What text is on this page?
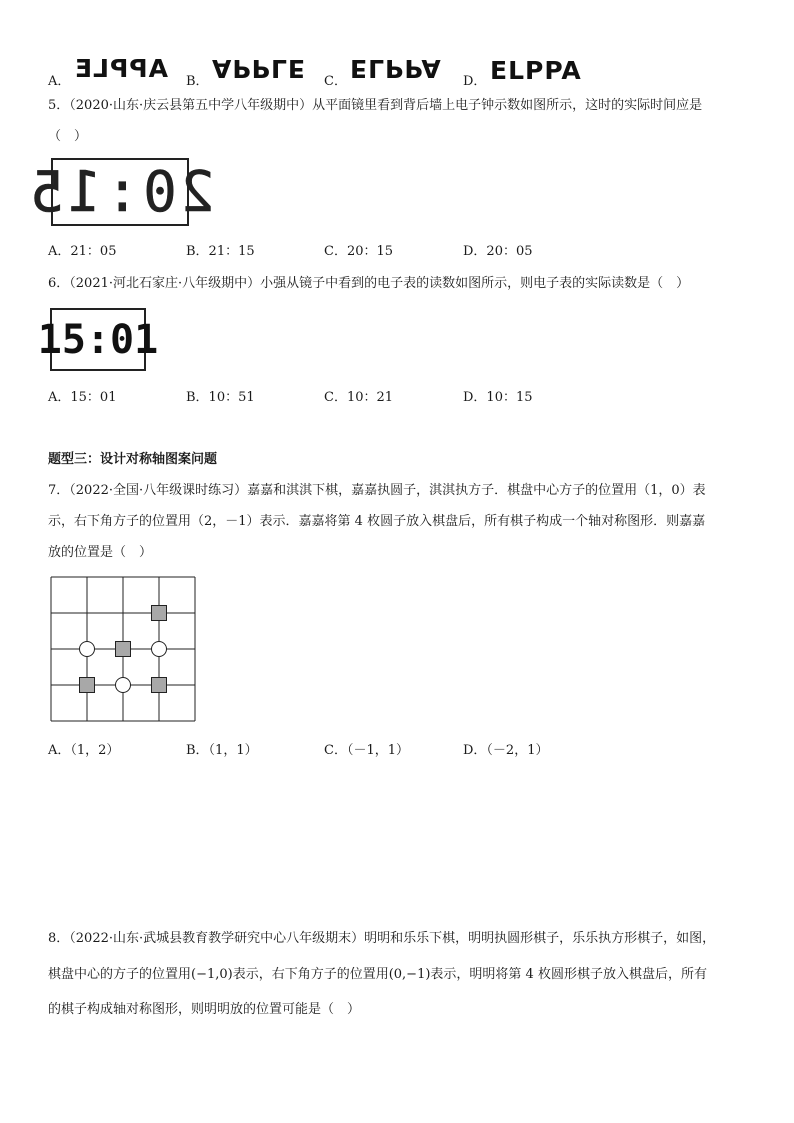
A． APPLE B． APPLE C． ELPPA D． ELPPA
5．（2020·山东·庆云县第五中学八年级期中）从平面镜里看到背后墙上电子钟示数如图所示，这时的实际时间应是
（　）
20:15
A．21：05	B．21：15	C．20：15	D．20：05
6．（2021·河北石家庄·八年级期中）小强从镜子中看到的电子表的读数如图所示，则电子表的实际读数是（　）
15:01
A．15：01	B．10：51	C．10：21	D．10：15
题型三：设计对称轴图案问题
7．（2022·全国·八年级课时练习）嘉嘉和淇淇下棋，嘉嘉执圆子，淇淇执方子．棋盘中心方子的位置用（1，0）表
示，右下角方子的位置用（2，－1）表示．嘉嘉将第 4 枚圆子放入棋盘后，所有棋子构成一个轴对称图形．则嘉嘉
放的位置是（　）
A．（1，2）	B．（1，1）	C．（－1，1）	D．（－2，1）
8．（2022·山东·武城县教育教学研究中心八年级期末）明明和乐乐下棋，明明执圆形棋子，乐乐执方形棋子，如图，
棋盘中心的方子的位置用(−1,0)表示，右下角方子的位置用(0,−1)表示，明明将第 4 枚圆形棋子放入棋盘后，所有
的棋子构成轴对称图形，则明明放的位置可能是（　）
